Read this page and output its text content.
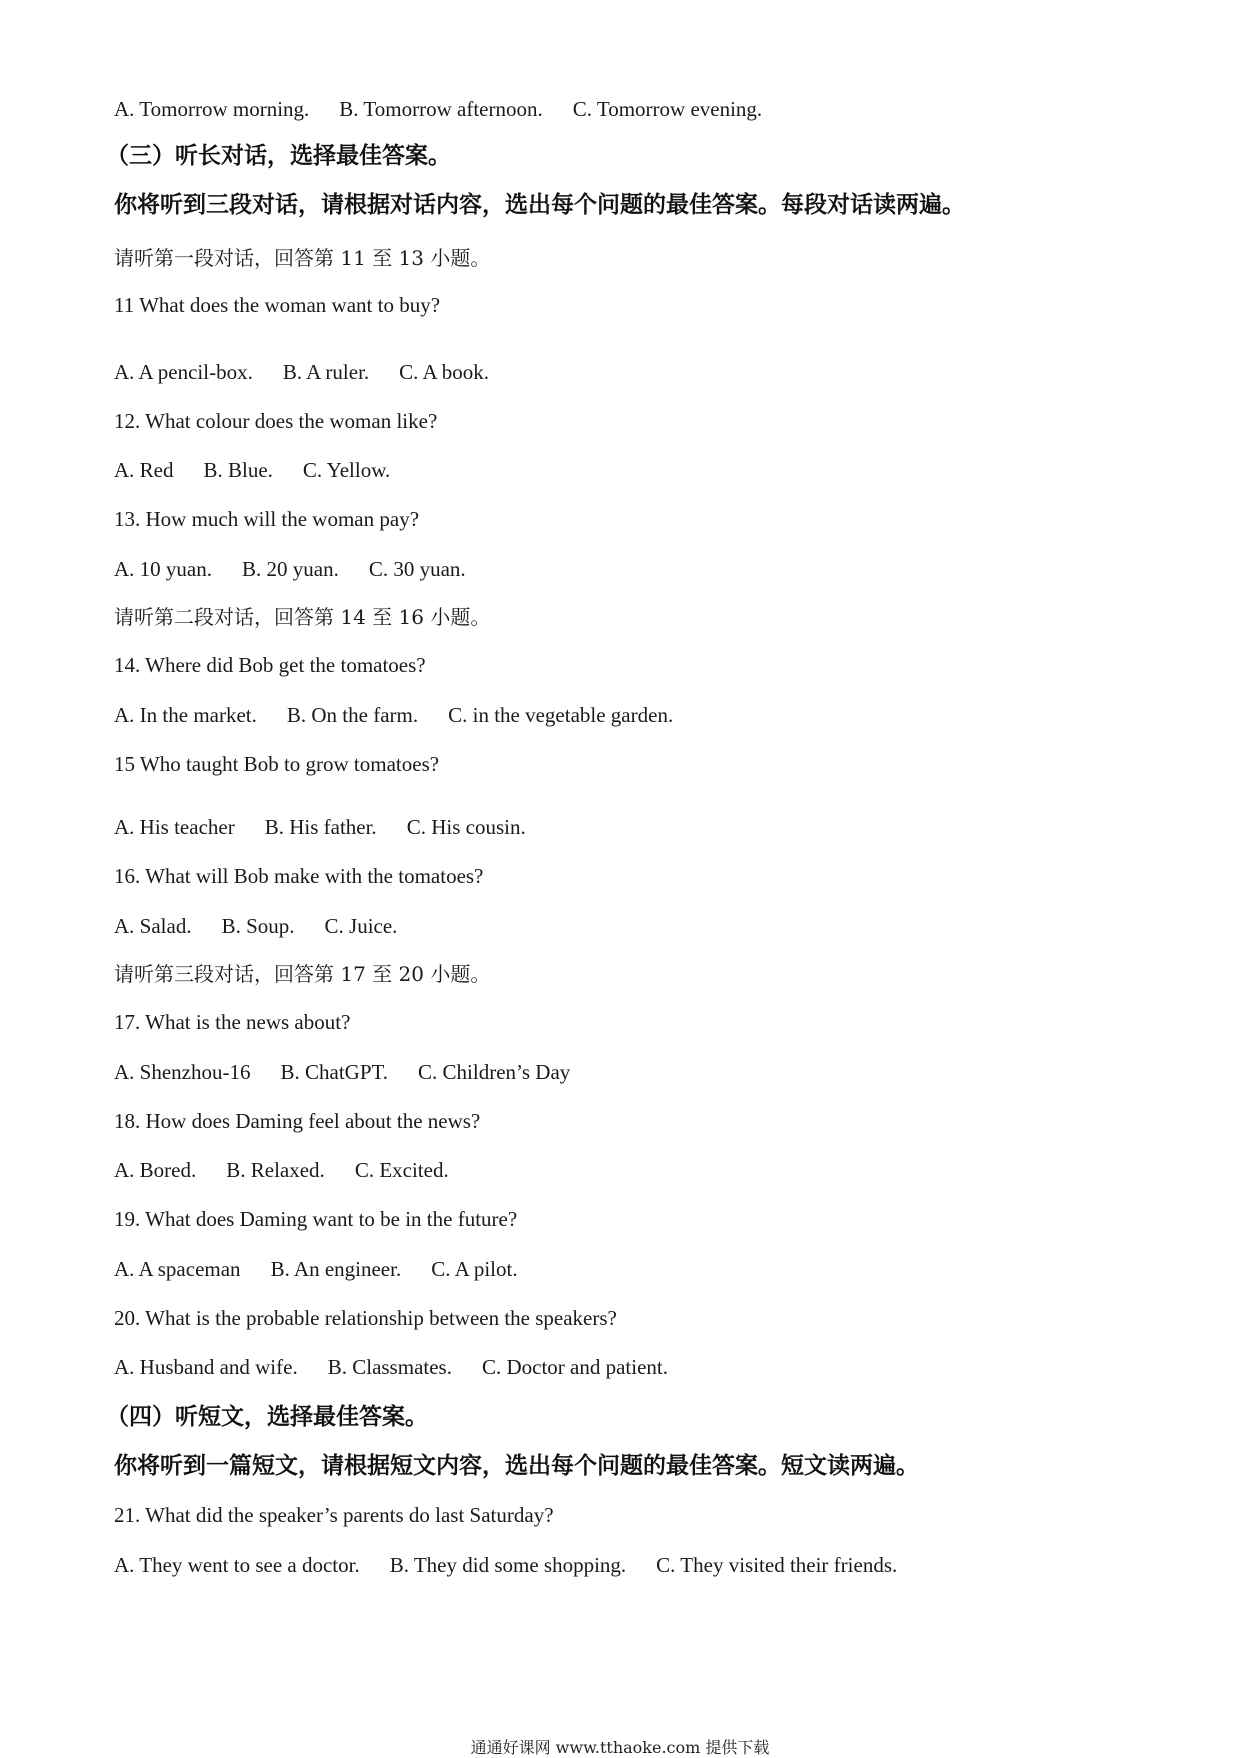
A. Tomorrow morning. B. Tomorrow afternoon. C. Tomorrow evening.
（三）听长对话，选择最佳答案。
你将听到三段对话，请根据对话内容，选出每个问题的最佳答案。每段对话读两遍。
请听第一段对话，回答第 11 至 13 小题。
11 What does the woman want to buy?
A. A pencil-box. B. A ruler. C. A book.
12. What colour does the woman like?
A. Red B. Blue. C. Yellow.
13. How much will the woman pay?
A. 10 yuan. B. 20 yuan. C. 30 yuan.
请听第二段对话，回答第 14 至 16 小题。
14. Where did Bob get the tomatoes?
A. In the market. B. On the farm. C. in the vegetable garden.
15 Who taught Bob to grow tomatoes?
A. His teacher B. His father. C. His cousin.
16. What will Bob make with the tomatoes?
A. Salad. B. Soup. C. Juice.
请听第三段对话，回答第 17 至 20 小题。
17. What is the news about?
A. Shenzhou-16 B. ChatGPT. C. Children’s Day
18. How does Daming feel about the news?
A. Bored. B. Relaxed. C. Excited.
19. What does Daming want to be in the future?
A. A spaceman B. An engineer. C. A pilot.
20. What is the probable relationship between the speakers?
A. Husband and wife. B. Classmates. C. Doctor and patient.
（四）听短文，选择最佳答案。
你将听到一篇短文，请根据短文内容，选出每个问题的最佳答案。短文读两遍。
21. What did the speaker’s parents do last Saturday?
A. They went to see a doctor. B. They did some shopping. C. They visited their friends.
通通好课网 www.tthaoke.com 提供下载
